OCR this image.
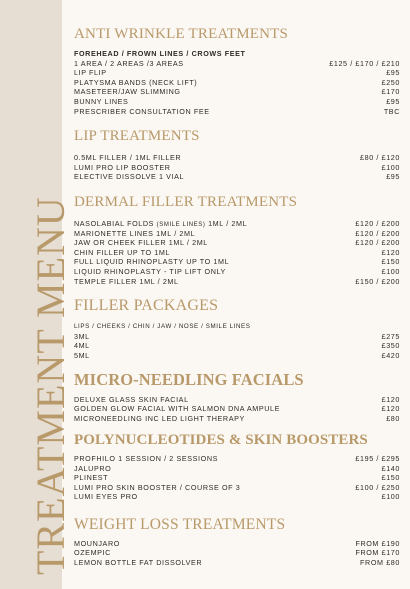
TREATMENT MENU
ANTI WRINKLE TREATMENTS
FOREHEAD / FROWN LINES / CROWS FEET
1 AREA / 2 AREAS /3 AREAS	£125 / £170 / £210
LIP FLIP	£95
PLATYSMA BANDS (NECK LIFT)	£250
MASETEER/JAW SLIMMING	£170
BUNNY LINES	£95
PRESCRIBER CONSULTATION FEE	TBC
LIP TREATMENTS
0.5ML FILLER / 1ML FILLER	£80 / £120
LUMI PRO LIP BOOSTER	£100
ELECTIVE DISSOLVE 1 VIAL	£95
DERMAL FILLER TREATMENTS
NASOLABIAL FOLDS (SMILE LINES) 1ML / 2ML	£120 / £200
MARIONETTE LINES 1ML / 2ML	£120 / £200
JAW OR CHEEK FILLER 1ML / 2ML	£120 / £200
CHIN FILLER UP TO 1ML	£120
FULL LIQUID RHINOPLASTY UP TO 1ML	£150
LIQUID RHINOPLASTY - TIP LIFT ONLY	£100
TEMPLE FILLER 1ML / 2ML	£150 / £200
FILLER PACKAGES
LIPS / CHEEKS / CHIN / JAW / NOSE / SMILE LINES
3ML	£275
4ML	£350
5ML	£420
MICRO-NEEDLING FACIALS
DELUXE GLASS SKIN FACIAL	£120
GOLDEN GLOW FACIAL WITH SALMON DNA AMPULE	£120
MICRONEEDLING INC LED LIGHT THERAPY	£80
POLYNUCLEOTIDES & SKIN BOOSTERS
PROFHILO 1 SESSION / 2 SESSIONS	£195 / £295
JALUPRO	£140
PLINEST	£150
LUMI PRO SKIN BOOSTER / COURSE OF 3	£100 / £250
LUMI EYES PRO	£100
WEIGHT LOSS TREATMENTS
MOUNJARO	FROM £190
OZEMPIC	FROM £170
LEMON BOTTLE FAT DISSOLVER	FROM £80
